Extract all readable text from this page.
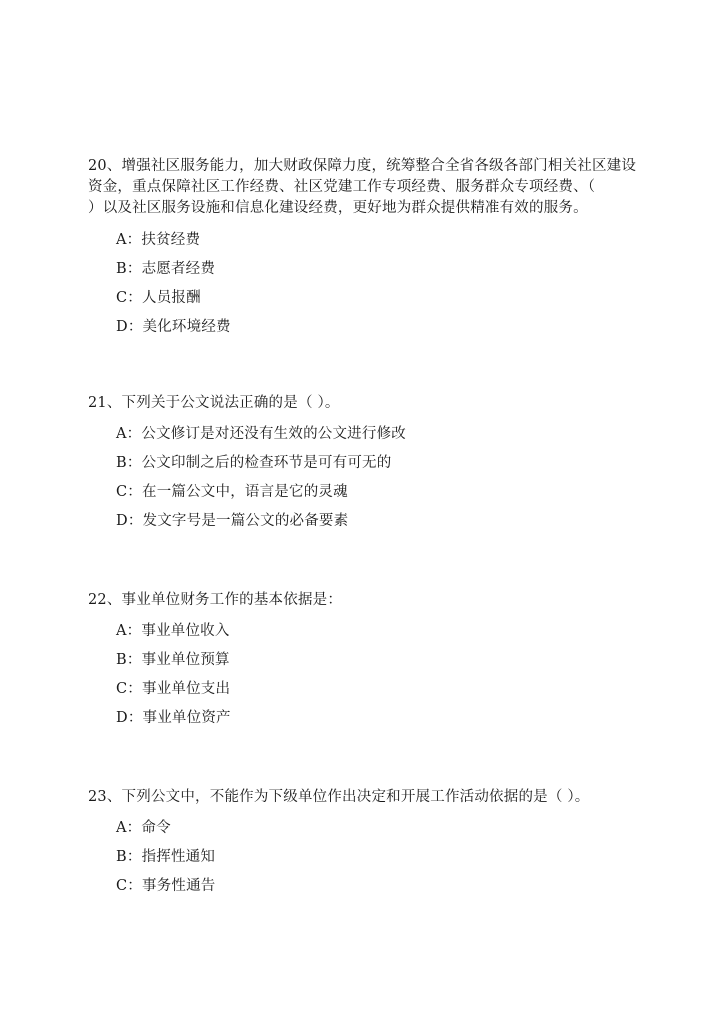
20、增强社区服务能力，加大财政保障力度，统筹整合全省各级各部门相关社区建设
资金，重点保障社区工作经费、社区党建工作专项经费、服务群众专项经费、（
）以及社区服务设施和信息化建设经费，更好地为群众提供精准有效的服务。

A：扶贫经费
B：志愿者经费
C：人员报酬
D：美化环境经费

21、下列关于公文说法正确的是（ ）。

A：公文修订是对还没有生效的公文进行修改
B：公文印制之后的检查环节是可有可无的
C：在一篇公文中，语言是它的灵魂
D：发文字号是一篇公文的必备要素

22、事业单位财务工作的基本依据是：

A：事业单位收入
B：事业单位预算
C：事业单位支出
D：事业单位资产

23、下列公文中，不能作为下级单位作出决定和开展工作活动依据的是（ ）。

A：命令
B：指挥性通知
C：事务性通告
